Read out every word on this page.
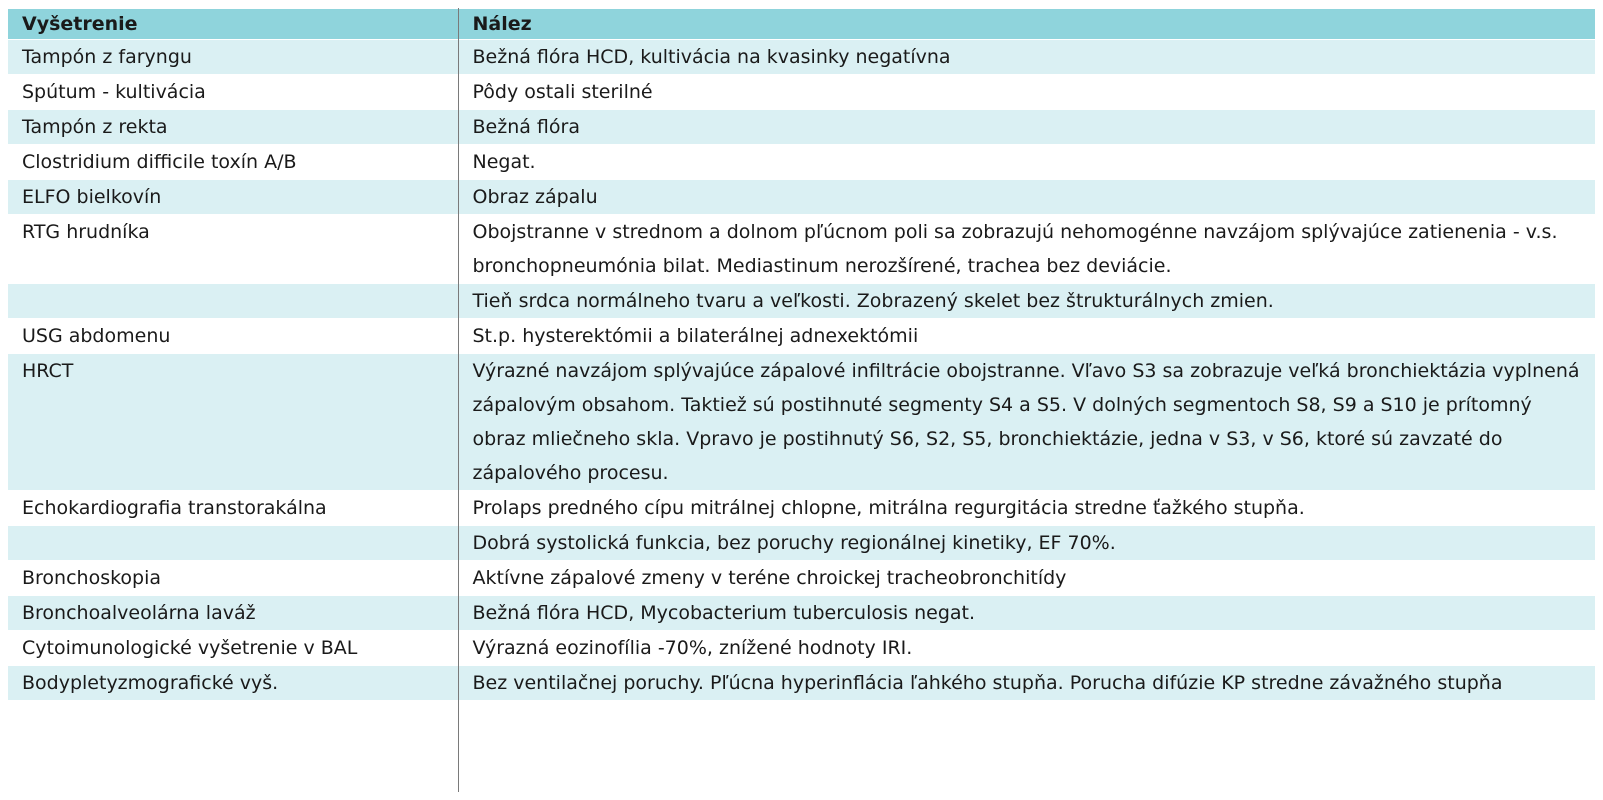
Vyšetrenie	Nález
Tampón z faryngu	Bežná flóra HCD, kultivácia na kvasinky negatívna
Spútum - kultivácia	Pôdy ostali sterilné
Tampón z rekta	Bežná flóra
Clostridium difficile toxín A/B	Negat.
ELFO bielkovín	Obraz zápalu
RTG hrudníka	Obojstranne v strednom a dolnom pľúcnom poli sa zobrazujú nehomogénne navzájom splývajúce zatienenia - v.s. bronchopneumónia bilat. Mediastinum nerozšírené, trachea bez deviácie.
	Tieň srdca normálneho tvaru a veľkosti. Zobrazený skelet bez štrukturálnych zmien.
USG abdomenu	St.p. hysterektómii a bilaterálnej adnexektómii
HRCT	Výrazné navzájom splývajúce zápalové infiltrácie obojstranne. Vľavo S3 sa zobrazuje veľká bronchiektázia vyplnená zápalovým obsahom. Taktiež sú postihnuté segmenty S4 a S5. V dolných segmentoch S8, S9 a S10 je prítomný obraz mliečneho skla. Vpravo je postihnutý S6, S2, S5, bronchiektázie, jedna v S3, v S6, ktoré sú zavzaté do zápalového procesu.
Echokardiografia transtorakálna	Prolaps predného cípu mitrálnej chlopne, mitrálna regurgitácia stredne ťažkého stupňa.
	Dobrá systolická funkcia, bez poruchy regionálnej kinetiky, EF 70%.
Bronchoskopia	Aktívne zápalové zmeny v teréne chroickej tracheobronchitídy
Bronchoalveolárna laváž	Bežná flóra HCD, Mycobacterium tuberculosis negat.
Cytoimunologické vyšetrenie v BAL	Výrazná eozinofília -70%, znížené hodnoty IRI.
Bodypletyzmografické vyš.	Bez ventilačnej poruchy. Pľúcna hyperinflácia ľahkého stupňa. Porucha difúzie KP stredne závažného stupňa
